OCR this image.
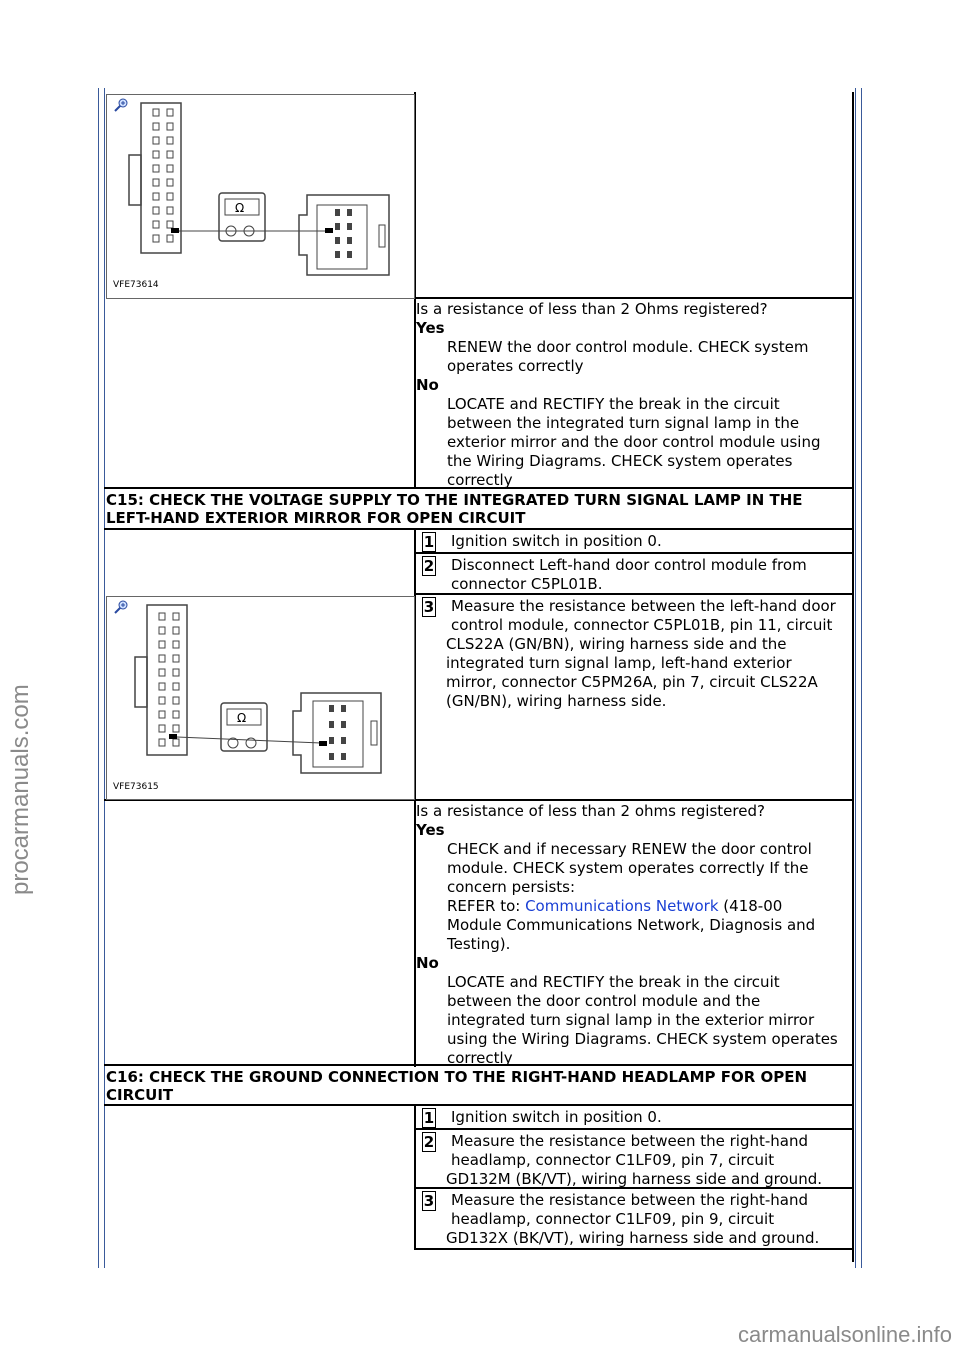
Ω
VFE73614
Is a resistance of less than 2 Ohms registered?
Yes
RENEW the door control module. CHECK system
operates correctly
No
LOCATE and RECTIFY the break in the circuit
between the integrated turn signal lamp in the
exterior mirror and the door control module using
the Wiring Diagrams. CHECK system operates
correctly
C15: CHECK THE VOLTAGE SUPPLY TO THE INTEGRATED TURN SIGNAL LAMP IN THE
LEFT-HAND EXTERIOR MIRROR FOR OPEN CIRCUIT
1	Ignition switch in position 0.
2	Disconnect Left-hand door control module from
connector C5PL01B.
3	Measure the resistance between the left-hand door
control module, connector C5PL01B, pin 11, circuit
CLS22A (GN/BN), wiring harness side and the
integrated turn signal lamp, left-hand exterior
mirror, connector C5PM26A, pin 7, circuit CLS22A
(GN/BN), wiring harness side.
Ω
VFE73615
Is a resistance of less than 2 ohms registered?
Yes
CHECK and if necessary RENEW the door control
module. CHECK system operates correctly If the
concern persists:
REFER to: Communications Network (418-00
Module Communications Network, Diagnosis and
Testing).
No
LOCATE and RECTIFY the break in the circuit
between the door control module and the
integrated turn signal lamp in the exterior mirror
using the Wiring Diagrams. CHECK system operates
correctly
C16: CHECK THE GROUND CONNECTION TO THE RIGHT-HAND HEADLAMP FOR OPEN
CIRCUIT
1	Ignition switch in position 0.
2	Measure the resistance between the right-hand
headlamp, connector C1LF09, pin 7, circuit
GD132M (BK/VT), wiring harness side and ground.
3	Measure the resistance between the right-hand
headlamp, connector C1LF09, pin 9, circuit
GD132X (BK/VT), wiring harness side and ground.
procarmanuals.com
carmanualsonline.info
